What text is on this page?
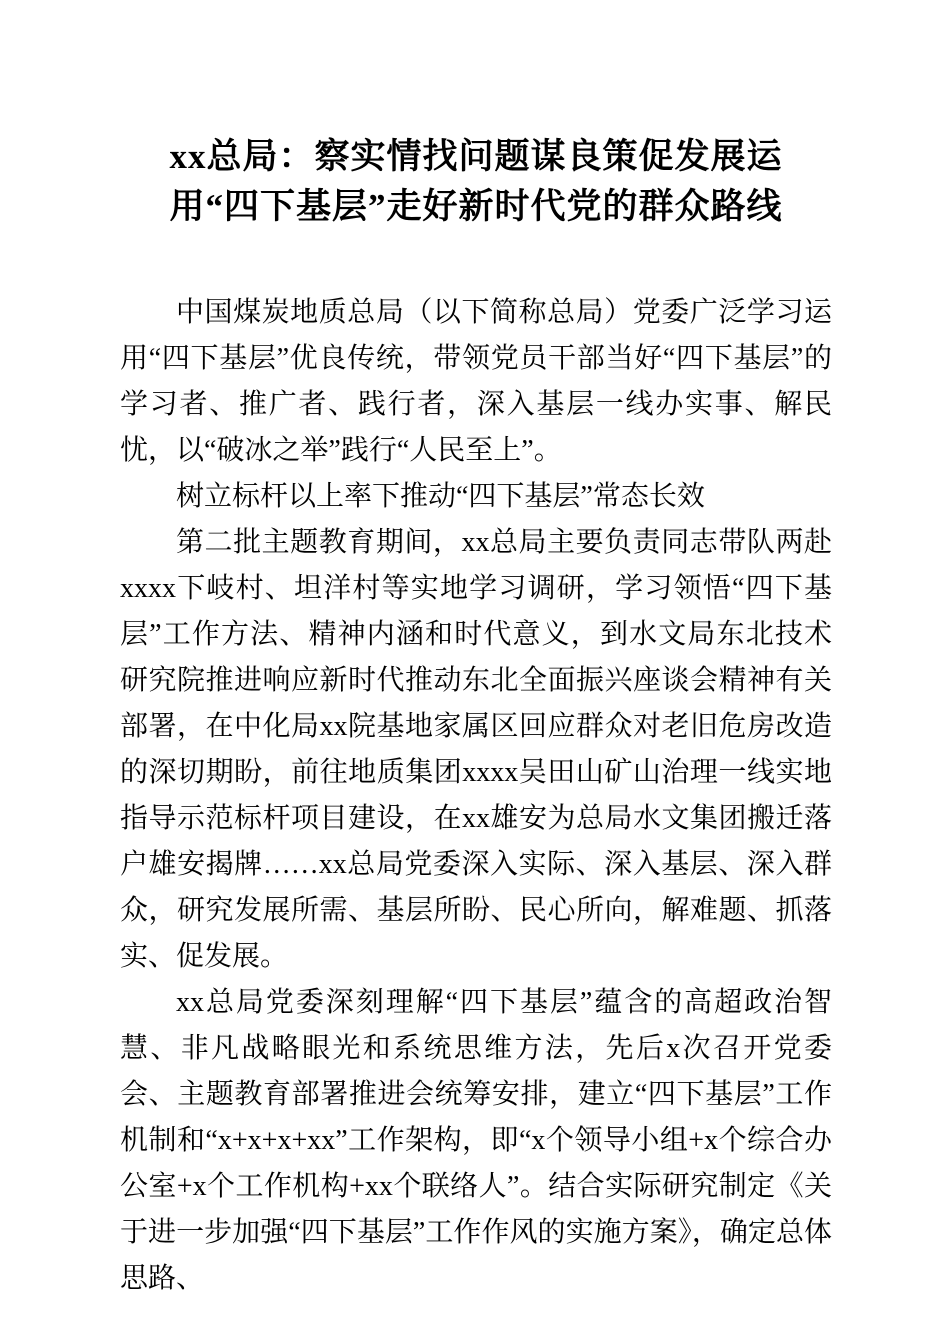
xx总局：察实情找问题谋良策促发展运
用“四下基层”走好新时代党的群众路线

中国煤炭地质总局（以下简称总局）党委广泛学习运用“四下基层”优良传统，带领党员干部当好“四下基层”的学习者、推广者、践行者，深入基层一线办实事、解民忧，以“破冰之举”践行“人民至上”。

树立标杆以上率下推动“四下基层”常态长效

第二批主题教育期间，xx总局主要负责同志带队两赴xxxx下岐村、坦洋村等实地学习调研，学习领悟“四下基层”工作方法、精神内涵和时代意义，到水文局东北技术研究院推进响应新时代推动东北全面振兴座谈会精神有关部署，在中化局xx院基地家属区回应群众对老旧危房改造的深切期盼，前往地质集团xxxx吴田山矿山治理一线实地指导示范标杆项目建设，在xx雄安为总局水文集团搬迁落户雄安揭牌……xx总局党委深入实际、深入基层、深入群众，研究发展所需、基层所盼、民心所向，解难题、抓落实、促发展。

xx总局党委深刻理解“四下基层”蕴含的高超政治智慧、非凡战略眼光和系统思维方法，先后x次召开党委会、主题教育部署推进会统筹安排，建立“四下基层”工作机制和“x+x+x+xx”工作架构，即“x个领导小组+x个综合办公室+x个工作机构+xx个联络人”。结合实际研究制定《关于进一步加强“四下基层”工作作风的实施方案》，确定总体思路、
